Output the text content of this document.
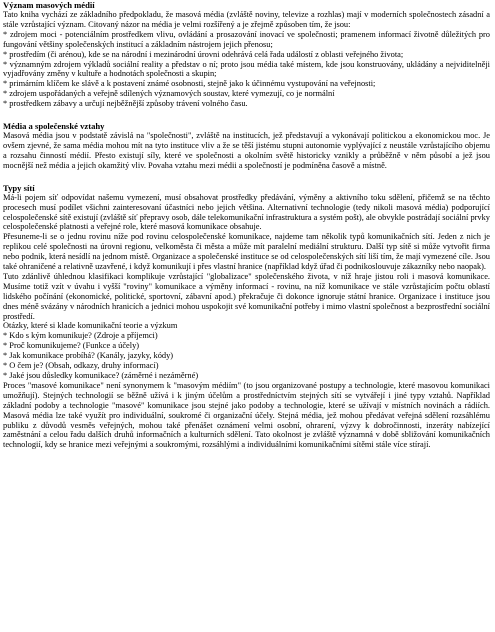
Význam masových médií

Tato kniha vychází ze základního předpokladu, že masová média (zvláště noviny, televize a rozhlas) mají v moderních společnostech zásadní a stále vzrůstající význam. Citovaný názor na média je velmi rozšířený a je zřejmě způsoben tím, že jsou:

* zdrojem moci - potenciálním prostředkem vlivu, ovládání a prosazování inovací ve společnosti; pramenem informací životně důležitých pro fungování většiny společenských institucí a základním nástrojem jejich přenosu;

* prostředím (či arénou), kde se na národní i mezinárodní úrovni odehrává celá řada událostí z oblasti veřejného života;

* významným zdrojem výkladů sociální reality a představ o ní; proto jsou média také místem, kde jsou konstruovány, ukládány a nejviditelněji vyjadřovány změny v kultuře a hodnotách společnosti a skupin;

* primárním klíčem ke slávě a k postavení známé osobnosti, stejně jako k účinnému vystupování na veřejnosti;

* zdrojem uspořádaných a veřejně sdílených významových soustav, které vymezují, co je normální

* prostředkem zábavy a určují nejběžnější způsoby trávení volného času.

Média a společenské vztahy

Masová média jsou v podstatě závislá na "společnosti", zvláště na institucích, jež představují a vykonávají politickou a ekonomickou moc. Je ovšem zjevné, že sama média mohou mít na tyto instituce vliv a že se těší jistému stupni autonomie vyplývající z neustále vzrůstajícího objemu a rozsahu činností médií. Přesto existují síly, které ve společnosti a okolním světě historicky vznikly a průběžně v něm působí a jež jsou mocnější než média a jejich okamžitý vliv. Povaha vztahu mezi médii a společností je podmíněna časově a místně.

Typy sítí

Má-li pojem síť odpovídat našemu vymezení, musí obsahovat prostředky předávání, výměny a aktivního toku sdělení, přičemž se na těchto procesech musí podílet všichni zainteresovaní účastníci nebo jejich většina. Alternativní technologie (tedy nikoli masová média) podporující celospolečenské sítě existují (zvláště síť přepravy osob, dále telekomunikační infrastruktura a systém pošt), ale obvykle postrádají sociální prvky celospolečenské platnosti a veřejné role, které masová komunikace obsahuje.

Přesuneme-li se o jednu rovinu níže pod rovinu celospolečenské komunikace, najdeme tam několik typů komunikačních sítí. Jeden z nich je replikou celé společnosti na úrovni regionu, velkoměsta či města a může mít paralelní mediální strukturu. Další typ sítě si může vytvořit firma nebo podnik, která nesídlí na jednom místě. Organizace a společenské instituce se od celospolečenských sítí liší tím, že mají vymezené cíle. Jsou také ohraničené a relativně uzavřené, i když komunikují i přes vlastní hranice (například když úřad či podnikoslouvuje zákazníky nebo naopak).

Tuto zdánlivě úhlednou klasifikaci komplikuje vzrůstající "globalizace" společenského života, v níž hraje jistou roli i masová komunikace. Musíme totiž vzít v úvahu i vyšší "roviny" komunikace a výměny informací - rovinu, na níž komunikace ve stále vzrůstajícím počtu oblastí lidského počínání (ekonomické, politické, sportovní, zábavní apod.) překračuje či dokonce ignoruje státní hranice. Organizace i instituce jsou dnes méně svázány v národních hranicích a jednici mohou uspokojit své komunikační potřeby i mimo vlastní společnost a bezprostřední sociální prostředí.

Otázky, které si klade komunikační teorie a výzkum

* Kdo s kým komunikuje? (Zdroje a příjemci)

* Proč komunikujeme? (Funkce a účely)

* Jak komunikace probíhá? (Kanály, jazyky, kódy)

* O čem je? (Obsah, odkazy, druhy informací)

* Jaké jsou důsledky komunikace? (záměrné i nezáměrné)

Proces "masové komunikace" není synonymem k "masovým médiím" (to jsou organizované postupy a technologie, které masovou komunikaci umožňují). Stejných technologií se běžně užívá i k jiným účelům a prostředníctvím stejných sítí se vytvářejí i jiné typy vztahů. Například základní podoby a technologie "masové" komunikace jsou stejné jako podoby a technologie, které se užívají v místních novinách a rádiích. Masová média lze také využít pro individuální, soukromé či organizační účely. Stejná média, jež mohou předávat veřejná sdělení rozsáhlému publiku z důvodů vesměs veřejných, mohou také přenášet oznámení velmi osobní, ohrarení, výzvy k dobročinnosti, inzeráty nabízející zaměstnání a celou řadu dalších druhů informačních a kulturních sdělení. Tato okolnost je zvláště významná v době sbližování komunikačních technologií, kdy se hranice mezi veřejnými a soukromými, rozsáhlými a individuálními komunikačními sítěmi stále více stírají.
